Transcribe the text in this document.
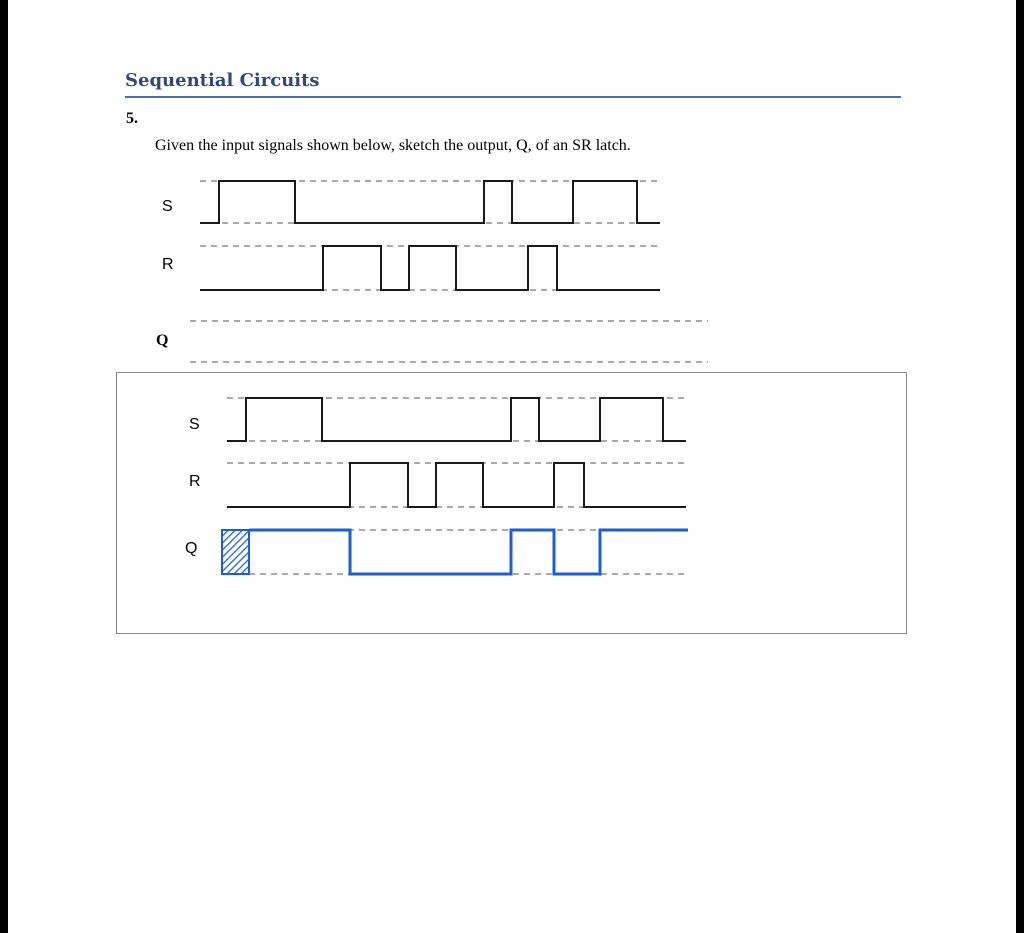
Sequential Circuits
5.
Given the input signals shown below, sketch the output, Q, of an SR latch.
S
R
Q
S
R
Q
